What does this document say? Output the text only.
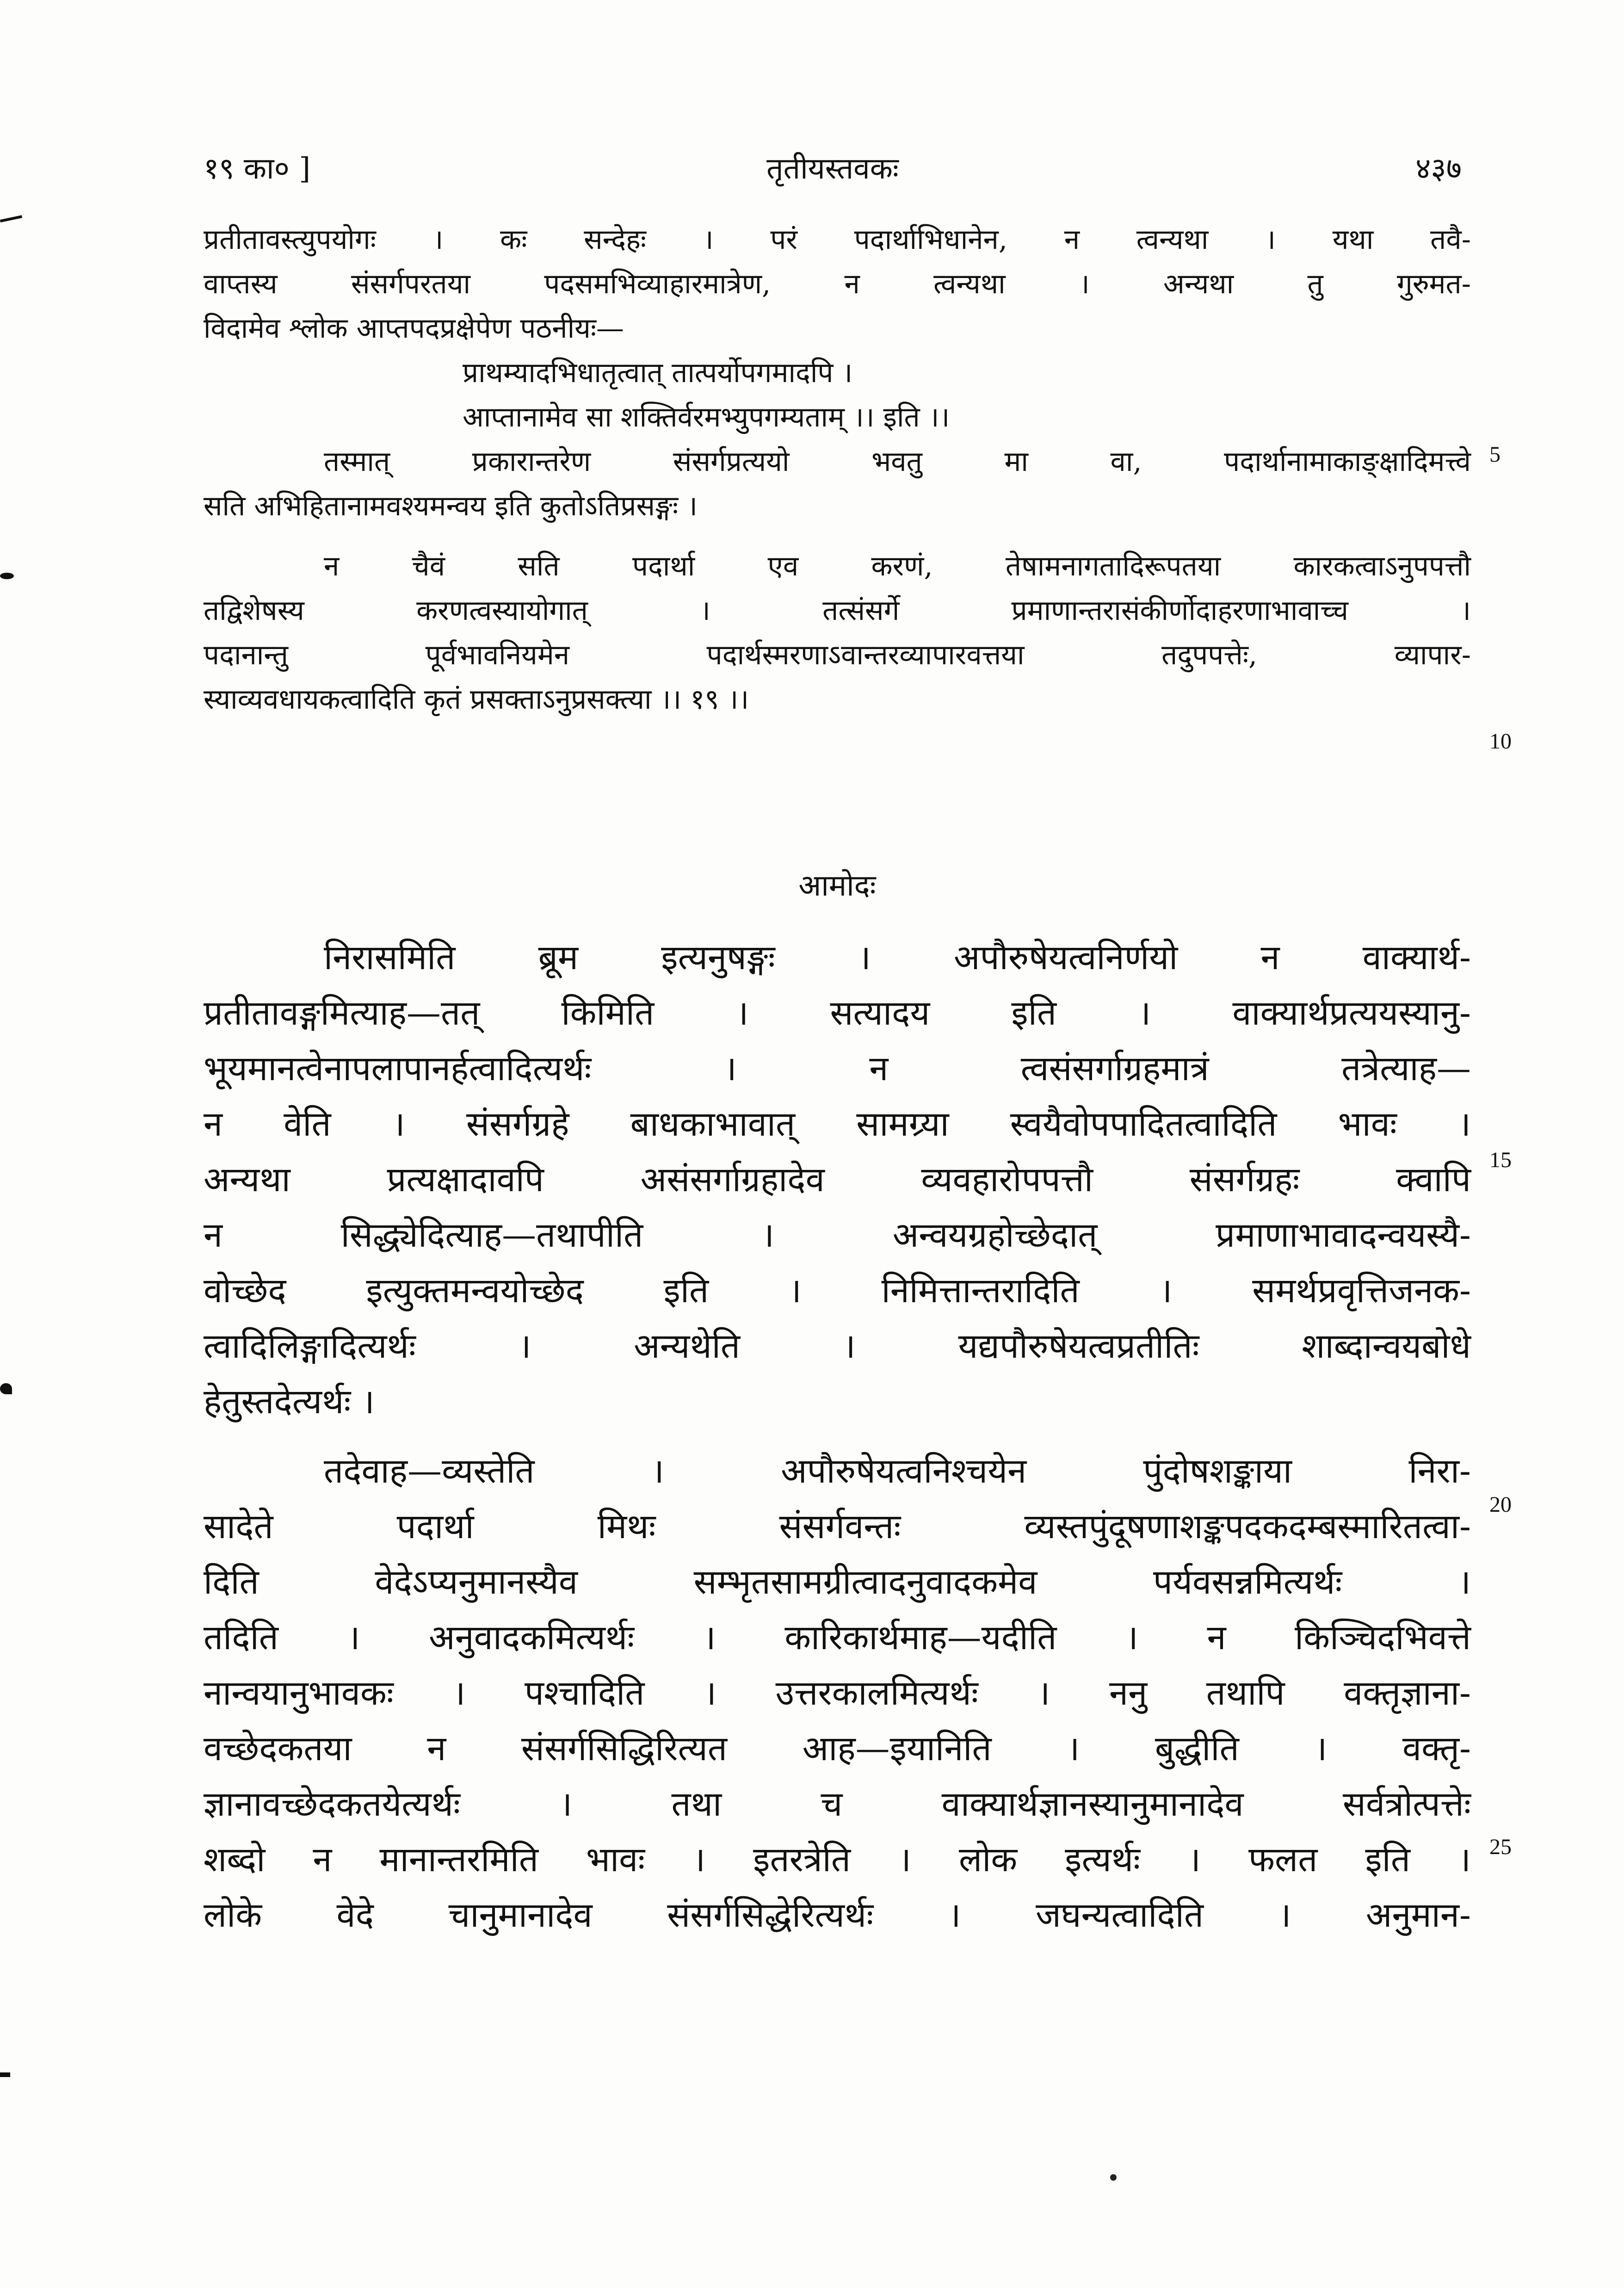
१९ का० ]	तृतीयस्तवकः	४३७
प्रतीतावस्त्युपयोगः । कः सन्देहः । परं पदार्थाभिधानेन, न त्वन्यथा । यथा तवै-
वाप्तस्य संसर्गपरतया पदसमभिव्याहारमात्रेण, न त्वन्यथा । अन्यथा तु गुरुमत-
विदामेव श्लोक आप्तपदप्रक्षेपेण पठनीयः—
प्राथम्यादभिधातृत्वात् तात्पर्योपगमादपि ।
आप्तानामेव सा शक्तिर्वरमभ्युपगम्यताम् ।। इति ।।
तस्मात् प्रकारान्तरेण संसर्गप्रत्ययो भवतु मा वा, पदार्थानामाकाङ्क्षादिमत्त्वे
सति अभिहितानामवश्यमन्वय इति कुतोऽतिप्रसङ्गः ।
न चैवं सति पदार्था एव करणं, तेषामनागतादिरूपतया कारकत्वाऽनुपपत्तौ
तद्विशेषस्य करणत्वस्यायोगात् । तत्संसर्गे प्रमाणान्तरासंकीर्णोदाहरणाभावाच्च ।
पदानान्तु पूर्वभावनियमेन पदार्थस्मरणाऽवान्तरव्यापारवत्तया तदुपपत्तेः, व्यापार-
स्याव्यवधायकत्वादिति कृतं प्रसक्ताऽनुप्रसक्त्या ।। १९ ।।
आमोदः
निरासमिति ब्रूम इत्यनुषङ्गः । अपौरुषेयत्वनिर्णयो न वाक्यार्थ-
प्रतीतावङ्गमित्याह—तत् किमिति । सत्यादय इति । वाक्यार्थप्रत्ययस्यानु-
भूयमानत्वेनापलापानर्हत्वादित्यर्थः । न त्वसंसर्गाग्रहमात्रं तत्रेत्याह—
न वेति । संसर्गग्रहे बाधकाभावात् सामग्र्या स्वयैवोपपादितत्वादिति भावः ।
अन्यथा प्रत्यक्षादावपि असंसर्गाग्रहादेव व्यवहारोपपत्तौ संसर्गग्रहः क्वापि
न सिद्ध्येदित्याह—तथापीति । अन्वयग्रहोच्छेदात् प्रमाणाभावादन्वयस्यै-
वोच्छेद इत्युक्तमन्वयोच्छेद इति । निमित्तान्तरादिति । समर्थप्रवृत्तिजनक-
त्वादिलिङ्गादित्यर्थः । अन्यथेति । यद्यपौरुषेयत्वप्रतीतिः शाब्दान्वयबोधे
हेतुस्तदेत्यर्थः ।
तदेवाह—व्यस्तेति । अपौरुषेयत्वनिश्चयेन पुंदोषशङ्काया निरा-
सादेते पदार्था मिथः संसर्गवन्तः व्यस्तपुंदूषणाशङ्कपदकदम्बस्मारितत्वा-
दिति वेदेऽप्यनुमानस्यैव सम्भृतसामग्रीत्वादनुवादकमेव पर्यवसन्नमित्यर्थः ।
तदिति । अनुवादकमित्यर्थः । कारिकार्थमाह—यदीति । न किञ्चिदभिवत्ते
नान्वयानुभावकः । पश्चादिति । उत्तरकालमित्यर्थः । ननु तथापि वक्तृज्ञाना-
वच्छेदकतया न संसर्गसिद्धिरित्यत आह—इयानिति । बुद्धीति । वक्तृ-
ज्ञानावच्छेदकतयेत्यर्थः । तथा च वाक्यार्थज्ञानस्यानुमानादेव सर्वत्रोत्पत्तेः
शब्दो न मानान्तरमिति भावः । इतरत्रेति । लोक इत्यर्थः । फलत इति ।
लोके वेदे चानुमानादेव संसर्गसिद्धेरित्यर्थः । जघन्यत्वादिति । अनुमान-
5
10
15
20
25
